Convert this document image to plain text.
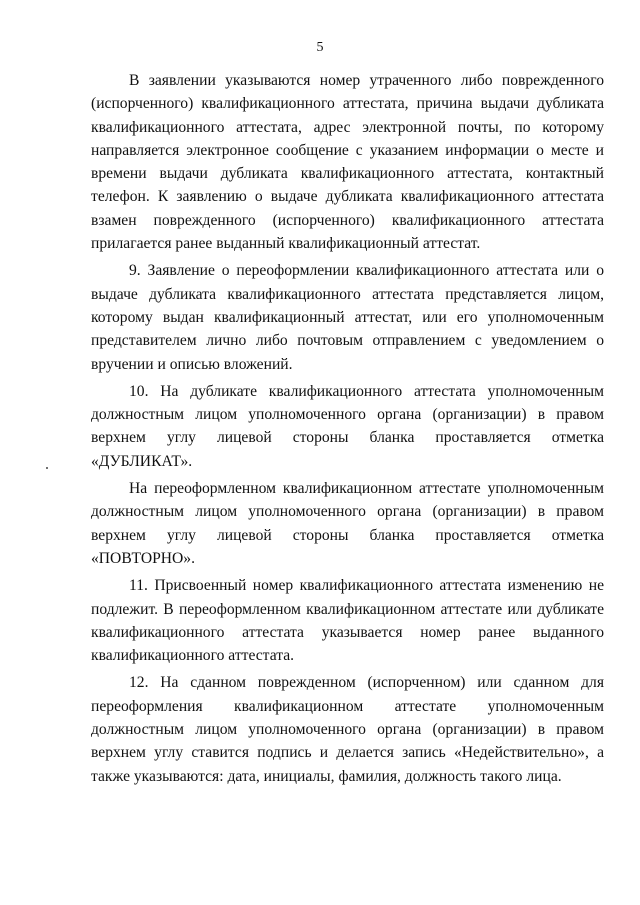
5

В заявлении указываются номер утраченного либо поврежденного (испорченного) квалификационного аттестата, причина выдачи дубликата квалификационного аттестата, адрес электронной почты, по которому направляется электронное сообщение с указанием информации о месте и времени выдачи дубликата квалификационного аттестата, контактный телефон. К заявлению о выдаче дубликата квалификационного аттестата взамен поврежденного (испорченного) квалификационного аттестата прилагается ранее выданный квалификационный аттестат.

9. Заявление о переоформлении квалификационного аттестата или о выдаче дубликата квалификационного аттестата представляется лицом, которому выдан квалификационный аттестат, или его уполномоченным представителем лично либо почтовым отправлением с уведомлением о вручении и описью вложений.

10. На дубликате квалификационного аттестата уполномоченным должностным лицом уполномоченного органа (организации) в правом верхнем углу лицевой стороны бланка проставляется отметка «ДУБЛИКАТ».

На переоформленном квалификационном аттестате уполномоченным должностным лицом уполномоченного органа (организации) в правом верхнем углу лицевой стороны бланка проставляется отметка «ПОВТОРНО».

11. Присвоенный номер квалификационного аттестата изменению не подлежит. В переоформленном квалификационном аттестате или дубликате квалификационного аттестата указывается номер ранее выданного квалификационного аттестата.

12. На сданном поврежденном (испорченном) или сданном для переоформления квалификационном аттестате уполномоченным должностным лицом уполномоченного органа (организации) в правом верхнем углу ставится подпись и делается запись «Недействительно», а также указываются: дата, инициалы, фамилия, должность такого лица.
